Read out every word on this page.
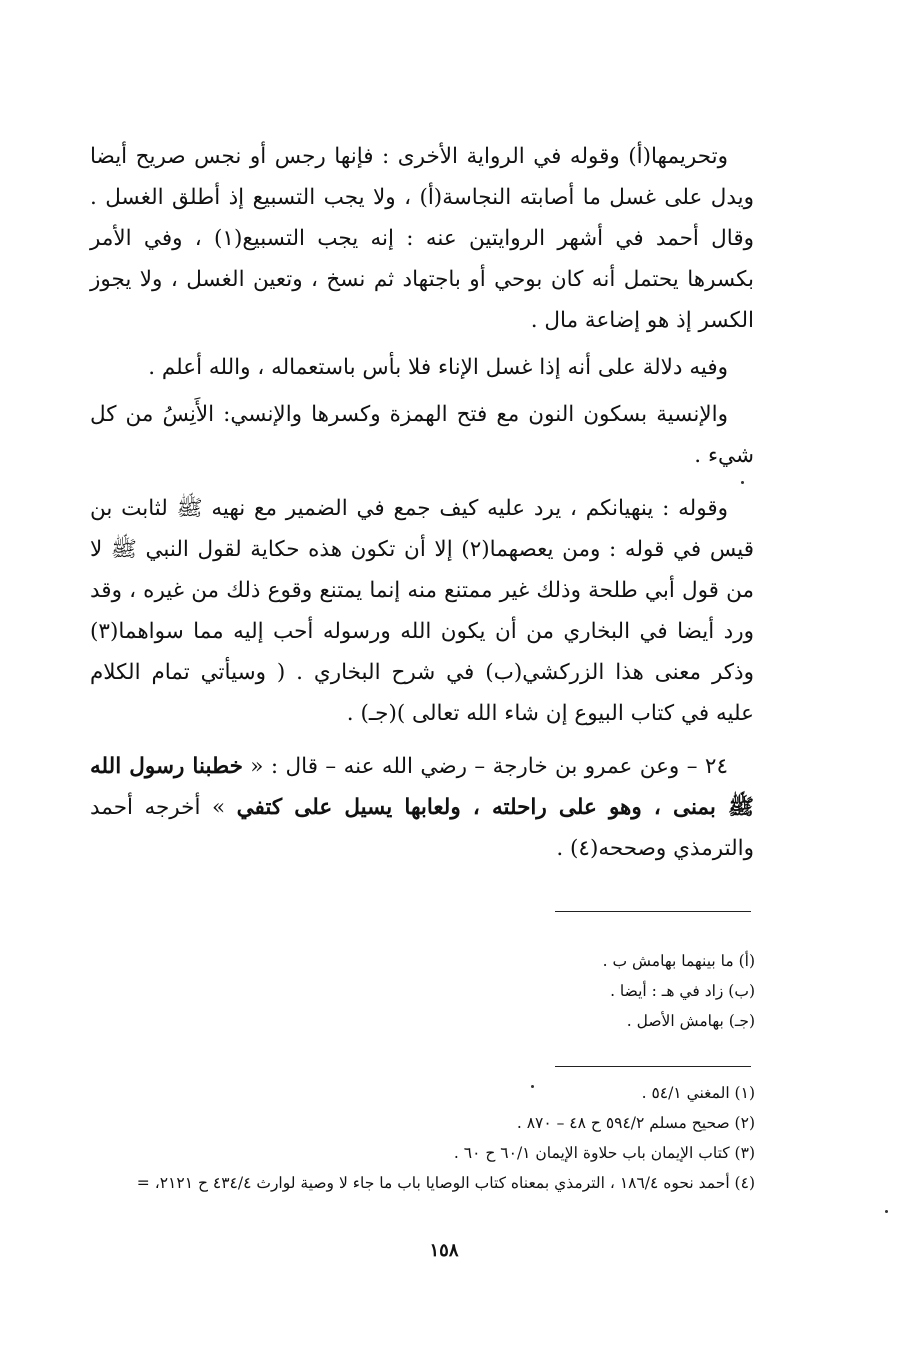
وتحريمها(أ) وقوله في الرواية الأخرى : فإنها رجس أو نجس صريح أيضا ويدل على غسل ما أصابته النجاسة(أ) ، ولا يجب التسبيع إذ أطلق الغسل . وقال أحمد في أشهر الروايتين عنه : إنه يجب التسبيع(١) ، وفي الأمر بكسرها يحتمل أنه كان بوحي أو باجتهاد ثم نسخ ، وتعين الغسل ، ولا يجوز الكسر إذ هو إضاعة مال .

وفيه دلالة على أنه إذا غسل الإناء فلا بأس باستعماله ، والله أعلم .

والإنسية بسكون النون مع فتح الهمزة وكسرها والإنسي: الأَنِسُ من كل شيء .

وقوله : ينهيانكم ، يرد عليه كيف جمع في الضمير مع نهيه ﷺ لثابت بن قيس في قوله : ومن يعصهما(٢) إلا أن تكون هذه حكاية لقول النبي ﷺ لا من قول أبي طلحة وذلك غير ممتنع منه إنما يمتنع وقوع ذلك من غيره ، وقد ورد أيضا في البخاري من أن يكون الله ورسوله أحب إليه مما سواهما(٣) وذكر معنى هذا الزركشي(ب) في شرح البخاري . ( وسيأتي تمام الكلام عليه في كتاب البيوع إن شاء الله تعالى )(جـ) .

٢٤ – وعن عمرو بن خارجة – رضي الله عنه – قال : « خطبنا رسول الله ﷺ بمنى ، وهو على راحلته ، ولعابها يسيل على كتفي » أخرجه أحمد والترمذي وصححه(٤) .

(أ) ما بينهما بهامش ب .
(ب) زاد في هـ : أيضا .
(جـ) بهامش الأصل .
(١) المغني ٥٤/١ .
(٢) صحيح مسلم ٥٩٤/٢ ح ٤٨ – ٨٧٠ .
(٣) كتاب الإيمان باب حلاوة الإيمان ٦٠/١ ح ٦٠ .
(٤) أحمد نحوه ١٨٦/٤ ، الترمذي بمعناه كتاب الوصايا باب ما جاء لا وصية لوارث ٤٣٤/٤ ح ٢١٢١، =
١٥٨
